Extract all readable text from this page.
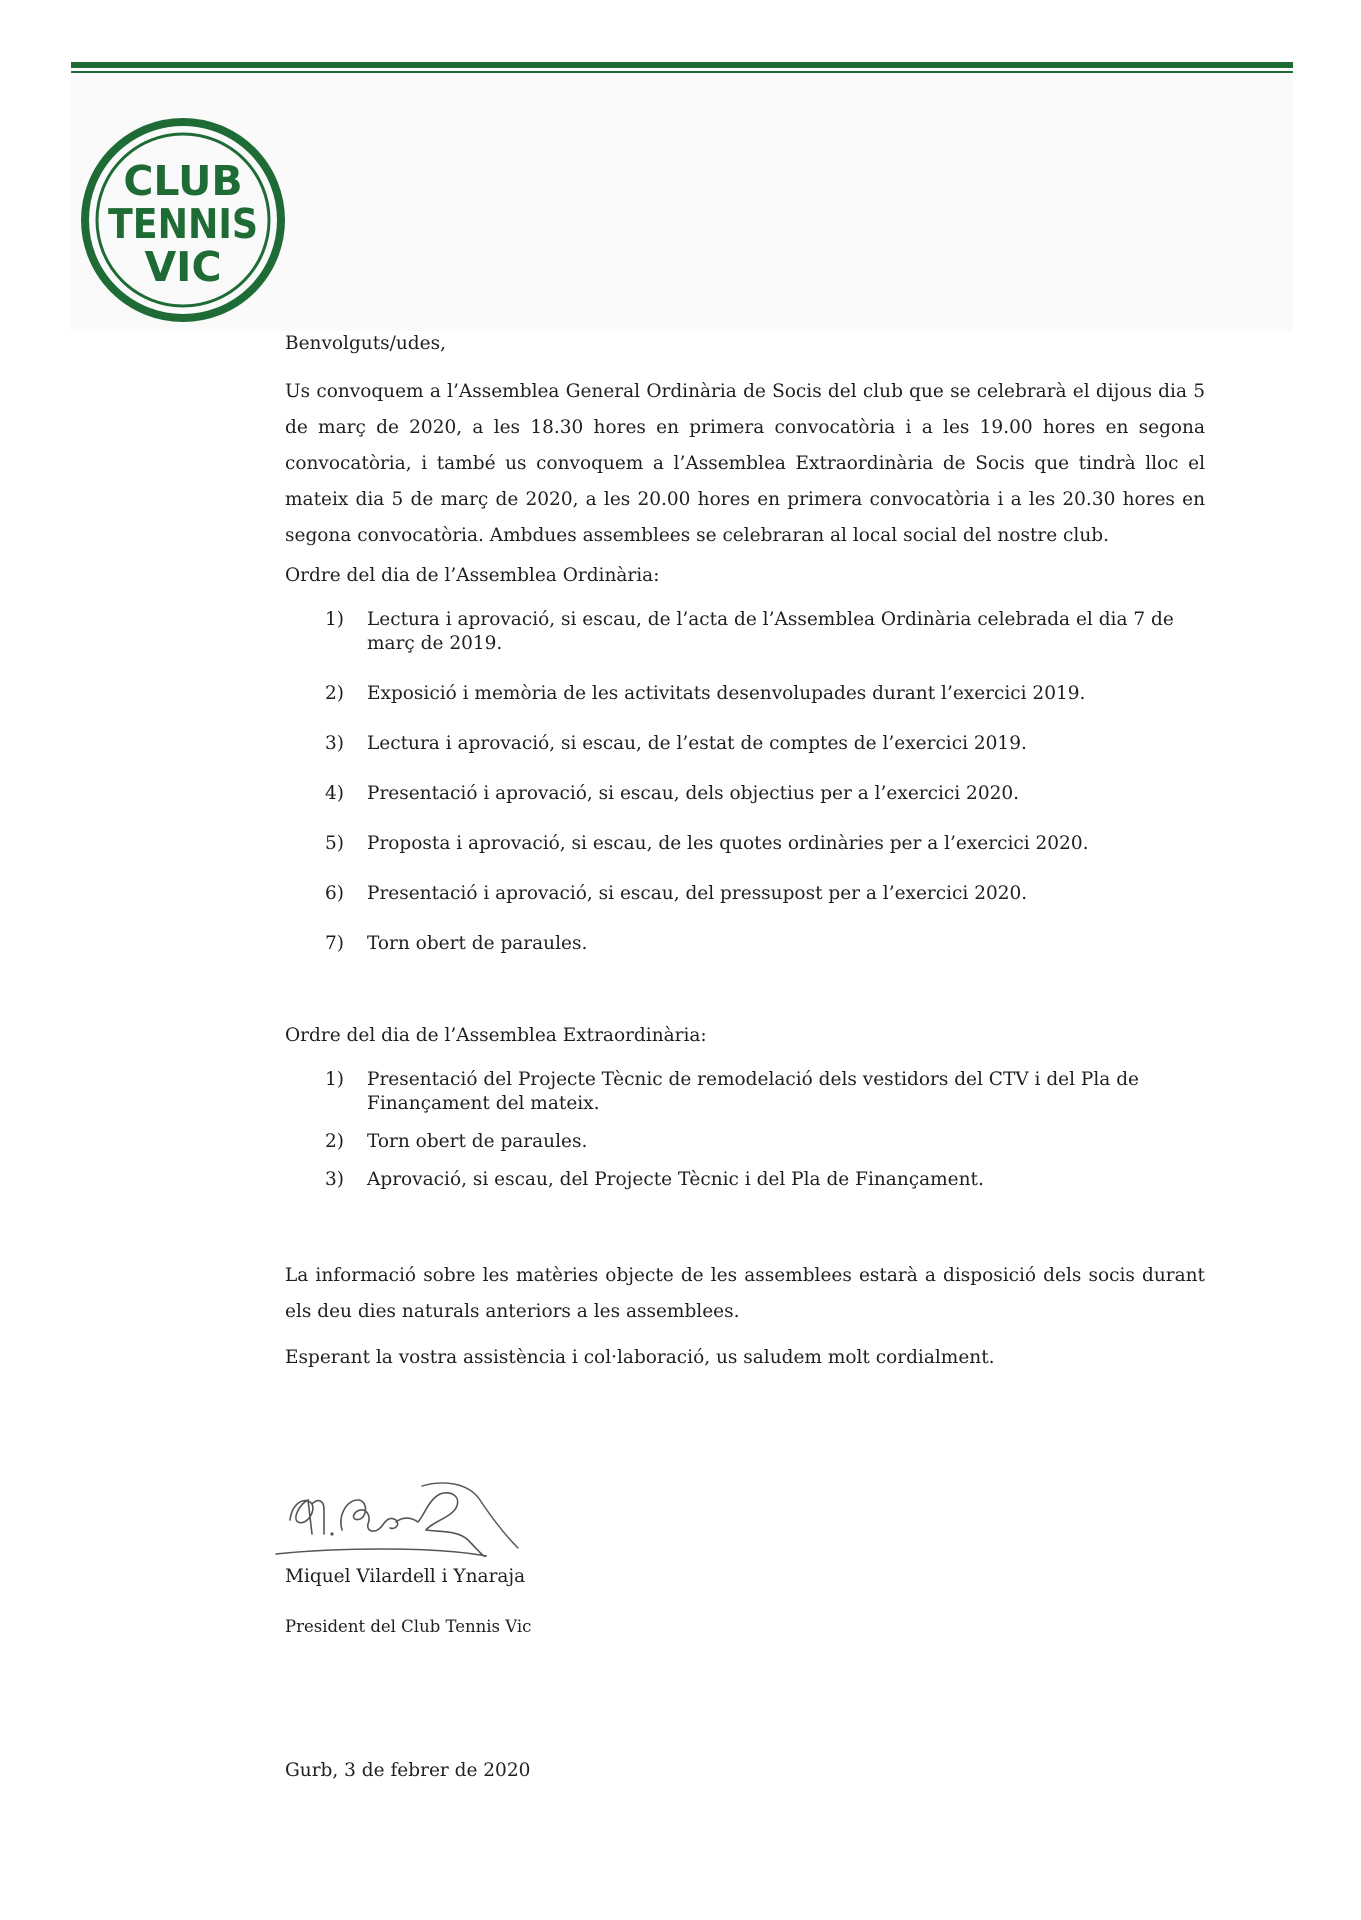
CLUB
TENNIS
VIC

Benvolguts/udes,

Us convoquem a l’Assemblea General Ordinària de Socis del club que se celebrarà el dijous dia 5 de març de 2020, a les 18.30 hores en primera convocatòria i a les 19.00 hores en segona convocatòria, i també us convoquem a l’Assemblea Extraordinària de Socis que tindrà lloc el mateix dia 5 de març de 2020, a les 20.00 hores en primera convocatòria i a les 20.30 hores en segona convocatòria. Ambdues assemblees se celebraran al local social del nostre club.

Ordre del dia de l’Assemblea Ordinària:

1) Lectura i aprovació, si escau, de l’acta de l’Assemblea Ordinària celebrada el dia 7 de març de 2019.
2) Exposició i memòria de les activitats desenvolupades durant l’exercici 2019.
3) Lectura i aprovació, si escau, de l’estat de comptes de l’exercici 2019.
4) Presentació i aprovació, si escau, dels objectius per a l’exercici 2020.
5) Proposta i aprovació, si escau, de les quotes ordinàries per a l’exercici 2020.
6) Presentació i aprovació, si escau, del pressupost per a l’exercici 2020.
7) Torn obert de paraules.

Ordre del dia de l’Assemblea Extraordinària:

1) Presentació del Projecte Tècnic de remodelació dels vestidors del CTV i del Pla de Finançament del mateix.
2) Torn obert de paraules.
3) Aprovació, si escau, del Projecte Tècnic i del Pla de Finançament.

La informació sobre les matèries objecte de les assemblees estarà a disposició dels socis durant els deu dies naturals anteriors a les assemblees.

Esperant la vostra assistència i col·laboració, us saludem molt cordialment.

Miquel Vilardell i Ynaraja
President del Club Tennis Vic
Gurb, 3 de febrer de 2020
